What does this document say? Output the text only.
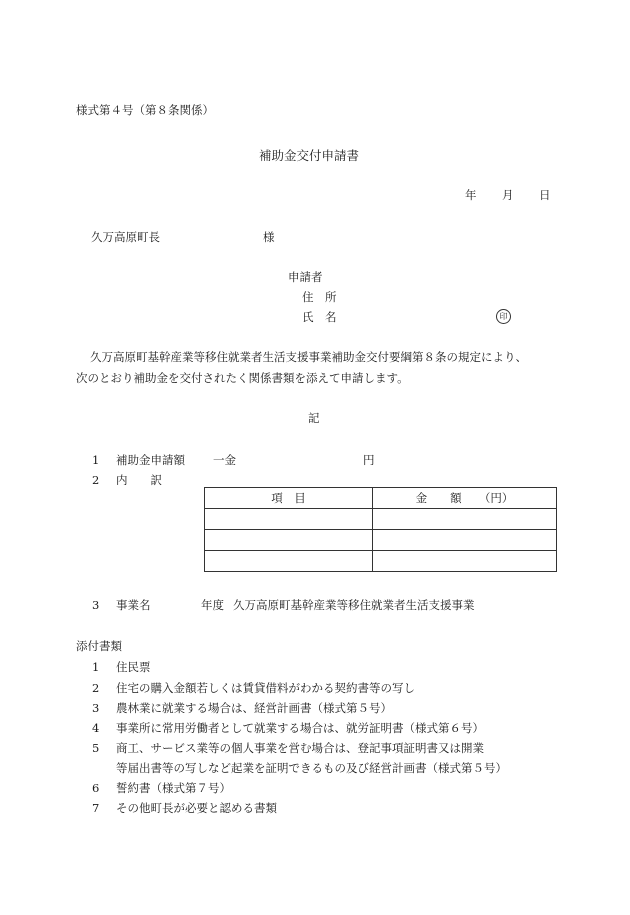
様式第４号（第８条関係）
補助金交付申請書
年 月 日
久万高原町長	様
申請者
住　所
氏　名	印
久万高原町基幹産業等移住就業者生活支援事業補助金交付要綱第８条の規定により、
次のとおり補助金を交付されたく関係書類を添えて申請します。
記
1 補助金申請額 一金	円
2 内　　訳
項　目	金　　額　　（円）

3 事業名	年度 久万高原町基幹産業等移住就業者生活支援事業
添付書類
1 住民票
2 住宅の購入金額若しくは賃貸借料がわかる契約書等の写し
3 農林業に就業する場合は、経営計画書（様式第５号）
4 事業所に常用労働者として就業する場合は、就労証明書（様式第６号）
5 商工、サービス業等の個人事業を営む場合は、登記事項証明書又は開業
等届出書等の写しなど起業を証明できるもの及び経営計画書（様式第５号）
6 誓約書（様式第７号）
7 その他町長が必要と認める書類
